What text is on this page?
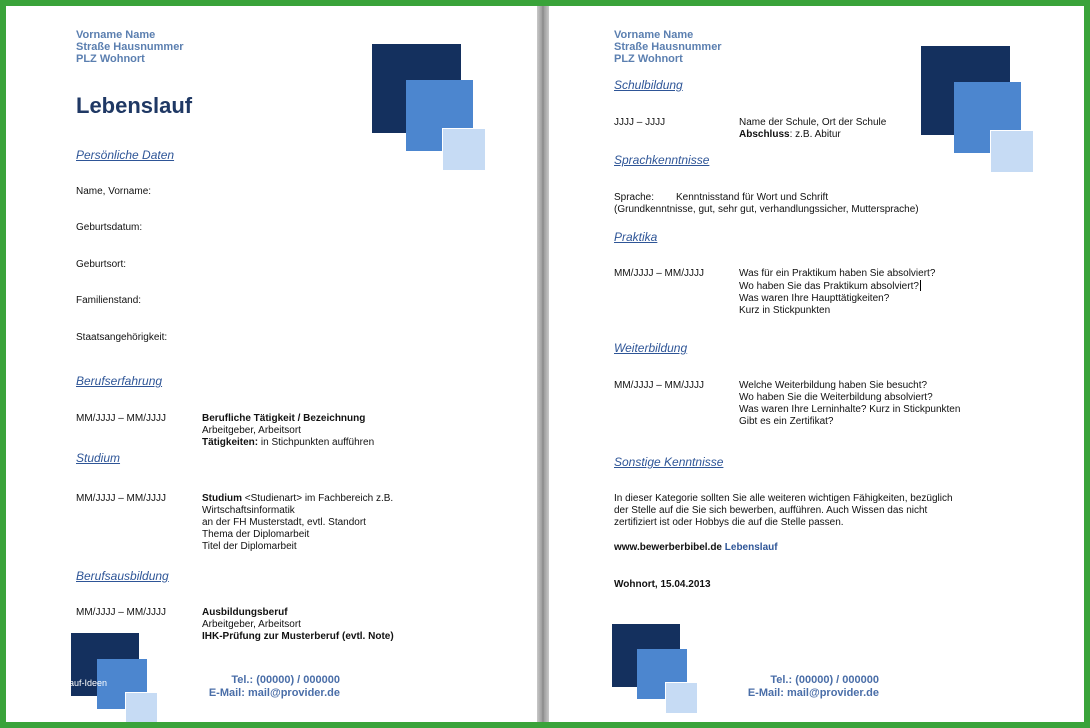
Vorname Name
Straße Hausnummer
PLZ Wohnort
Lebenslauf
Persönliche Daten
Name, Vorname:
Geburtsdatum:
Geburtsort:
Familienstand:
Staatsangehörigkeit:
Berufserfahrung
MM/JJJJ – MM/JJJJ	Berufliche Tätigkeit / Bezeichnung
Arbeitgeber, Arbeitsort
Tätigkeiten: in Stichpunkten aufführen
Studium
MM/JJJJ – MM/JJJJ	Studium <Studienart> im Fachbereich z.B.
Wirtschaftsinformatik
an der FH Musterstadt, evtl. Standort
Thema der Diplomarbeit
Titel der Diplomarbeit
Berufsausbildung
MM/JJJJ – MM/JJJJ	Ausbildungsberuf
Arbeitgeber, Arbeitsort
IHK-Prüfung zur Musterberuf (evtl. Note)
auf-Ideen	Tel.: (00000) / 000000
E-Mail: mail@provider.de
Vorname Name
Straße Hausnummer
PLZ Wohnort
Schulbildung
JJJJ – JJJJ	Name der Schule, Ort der Schule
Abschluss: z.B. Abitur
Sprachkenntnisse
Sprache: Kenntnisstand für Wort und Schrift
(Grundkenntnisse, gut, sehr gut, verhandlungssicher, Muttersprache)
Praktika
MM/JJJJ – MM/JJJJ	Was für ein Praktikum haben Sie absolviert?
Wo haben Sie das Praktikum absolviert?
Was waren Ihre Haupttätigkeiten?
Kurz in Stickpunkten
Weiterbildung
MM/JJJJ – MM/JJJJ	Welche Weiterbildung haben Sie besucht?
Wo haben Sie die Weiterbildung absolviert?
Was waren Ihre Lerninhalte? Kurz in Stickpunkten
Gibt es ein Zertifikat?
Sonstige Kenntnisse
In dieser Kategorie sollten Sie alle weiteren wichtigen Fähigkeiten, bezüglich
der Stelle auf die Sie sich bewerben, aufführen. Auch Wissen das nicht
zertifiziert ist oder Hobbys die auf die Stelle passen.
www.bewerberbibel.de Lebenslauf
Wohnort, 15.04.2013
Tel.: (00000) / 000000
E-Mail: mail@provider.de
